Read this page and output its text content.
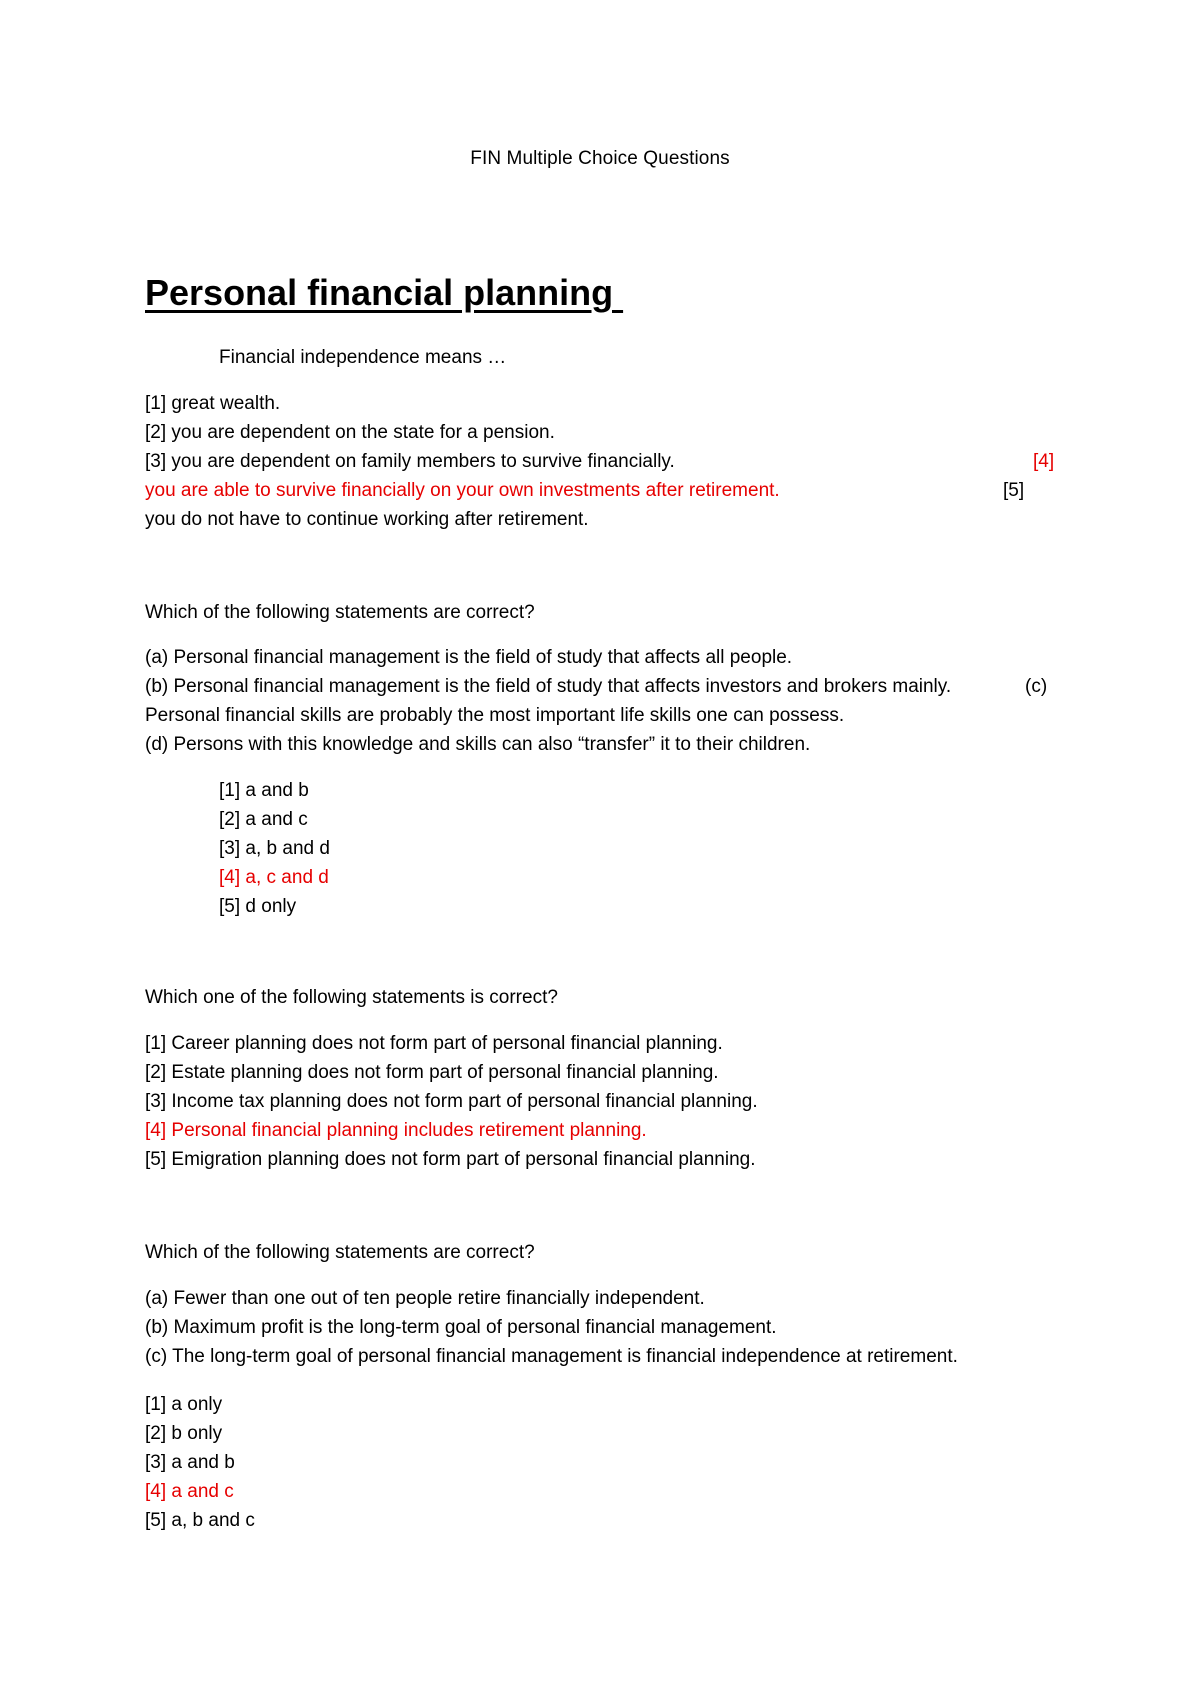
FIN Multiple Choice Questions
Personal financial planning
Financial independence means …
[1] great wealth.
[2] you are dependent on the state for a pension.
[3] you are dependent on family members to survive financially.	[4]
you are able to survive financially on your own investments after retirement.	[5]
you do not have to continue working after retirement.
Which of the following statements are correct?
(a) Personal financial management is the field of study that affects all people.
(b) Personal financial management is the field of study that affects investors and brokers mainly.	(c)
Personal financial skills are probably the most important life skills one can possess.
(d) Persons with this knowledge and skills can also “transfer” it to their children.
[1] a and b
[2] a and c
[3] a, b and d
[4] a, c and d
[5] d only
Which one of the following statements is correct?
[1] Career planning does not form part of personal financial planning.
[2] Estate planning does not form part of personal financial planning.
[3] Income tax planning does not form part of personal financial planning.
[4] Personal financial planning includes retirement planning.
[5] Emigration planning does not form part of personal financial planning.
Which of the following statements are correct?
(a) Fewer than one out of ten people retire financially independent.
(b) Maximum profit is the long-term goal of personal financial management.
(c) The long-term goal of personal financial management is financial independence at retirement.
[1] a only
[2] b only
[3] a and b
[4] a and c
[5] a, b and c
